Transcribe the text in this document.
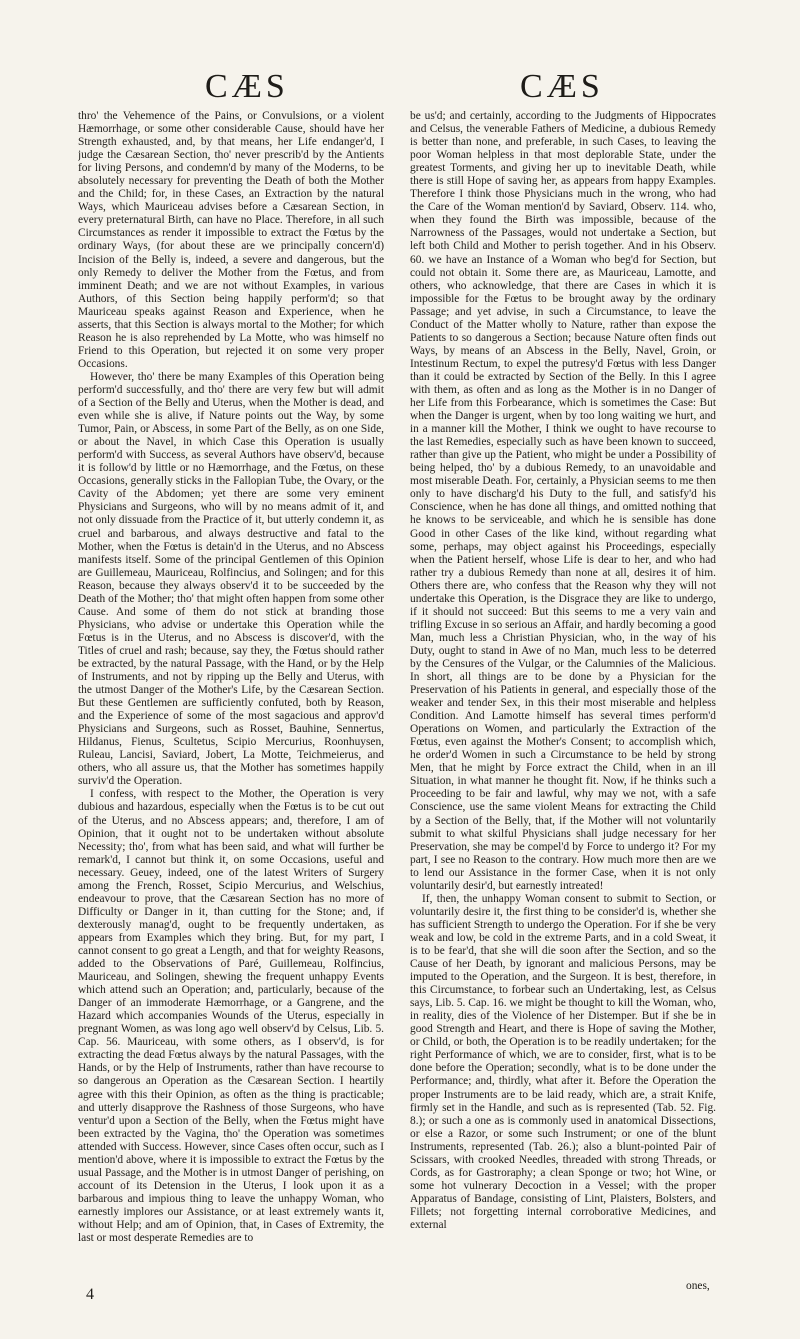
CÆS	CÆS

thro' the Vehemence of the Pains, or Convulsions, or a violent Hæmorrhage, or some other considerable Cause, should have her Strength exhausted, and, by that means, her Life endanger'd, I judge the Cæsarean Section, tho' never prescrib'd by the Antients for living Persons, and condemn'd by many of the Moderns, to be absolutely necessary for preventing the Death of both the Mother and the Child; for, in these Cases, an Extraction by the natural Ways, which Mauriceau advises before a Cæsarean Section, in every preternatural Birth, can have no Place. Therefore, in all such Circumstances as render it impossible to extract the Fœtus by the ordinary Ways, (for about these are we principally concern'd) Incision of the Belly is, indeed, a severe and dangerous, but the only Remedy to deliver the Mother from the Fœtus, and from imminent Death; and we are not without Examples, in various Authors, of this Section being happily perform'd; so that Mauriceau speaks against Reason and Experience, when he asserts, that this Section is always mortal to the Mother; for which Reason he is also reprehended by La Motte, who was himself no Friend to this Operation, but rejected it on some very proper Occasions.

However, tho' there be many Examples of this Operation being perform'd successfully, and tho' there are very few but will admit of a Section of the Belly and Uterus, when the Mother is dead, and even while she is alive, if Nature points out the Way, by some Tumor, Pain, or Abscess, in some Part of the Belly, as on one Side, or about the Navel, in which Case this Operation is usually perform'd with Success, as several Authors have observ'd, because it is follow'd by little or no Hæmorrhage, and the Fœtus, on these Occasions, generally sticks in the Fallopian Tube, the Ovary, or the Cavity of the Abdomen; yet there are some very eminent Physicians and Surgeons, who will by no means admit of it, and not only dissuade from the Practice of it, but utterly condemn it, as cruel and barbarous, and always destructive and fatal to the Mother, when the Fœtus is detain'd in the Uterus, and no Abscess manifests itself. Some of the principal Gentlemen of this Opinion are Guillemeau, Mauriceau, Rolfincius, and Solingen; and for this Reason, because they always observ'd it to be succeeded by the Death of the Mother; tho' that might often happen from some other Cause. And some of them do not stick at branding those Physicians, who advise or undertake this Operation while the Fœtus is in the Uterus, and no Abscess is discover'd, with the Titles of cruel and rash; because, say they, the Fœtus should rather be extracted, by the natural Passage, with the Hand, or by the Help of Instruments, and not by ripping up the Belly and Uterus, with the utmost Danger of the Mother's Life, by the Cæsarean Section. But these Gentlemen are sufficiently confuted, both by Reason, and the Experience of some of the most sagacious and approv'd Physicians and Surgeons, such as Rosset, Bauhine, Sennertus, Hildanus, Fienus, Scultetus, Scipio Mercurius, Roonhuysen, Ruleau, Lancisi, Saviard, Jobert, La Motte, Teichmeierus, and others, who all assure us, that the Mother has sometimes happily surviv'd the Operation.

I confess, with respect to the Mother, the Operation is very dubious and hazardous, especially when the Fœtus is to be cut out of the Uterus, and no Abscess appears; and, therefore, I am of Opinion, that it ought not to be undertaken without absolute Necessity; tho', from what has been said, and what will further be remark'd, I cannot but think it, on some Occasions, useful and necessary. Geuey, indeed, one of the latest Writers of Surgery among the French, Rosset, Scipio Mercurius, and Welschius, endeavour to prove, that the Cæsarean Section has no more of Difficulty or Danger in it, than cutting for the Stone; and, if dexterously manag'd, ought to be frequently undertaken, as appears from Examples which they bring. But, for my part, I cannot consent to go great a Length, and that for weighty Reasons, added to the Observations of Paré, Guillemeau, Rolfincius, Mauriceau, and Solingen, shewing the frequent unhappy Events which attend such an Operation; and, particularly, because of the Danger of an immoderate Hæmorrhage, or a Gangrene, and the Hazard which accompanies Wounds of the Uterus, especially in pregnant Women, as was long ago well observ'd by Celsus, Lib. 5. Cap. 56. Mauriceau, with some others, as I observ'd, is for extracting the dead Fœtus always by the natural Passages, with the Hands, or by the Help of Instruments, rather than have recourse to so dangerous an Operation as the Cæsarean Section. I heartily agree with this their Opinion, as often as the thing is practicable; and utterly disapprove the Rashness of those Surgeons, who have ventur'd upon a Section of the Belly, when the Fœtus might have been extracted by the Vagina, tho' the Operation was sometimes attended with Success. However, since Cases often occur, such as I mention'd above, where it is impossible to extract the Fœtus by the usual Passage, and the Mother is in utmost Danger of perishing, on account of its Detension in the Uterus, I look upon it as a barbarous and impious thing to leave the unhappy Woman, who earnestly implores our Assistance, or at least extremely wants it, without Help; and am of Opinion, that, in Cases of Extremity, the last or most desperate Remedies are to

be us'd; and certainly, according to the Judgments of Hippocrates and Celsus, the venerable Fathers of Medicine, a dubious Remedy is better than none, and preferable, in such Cases, to leaving the poor Woman helpless in that most deplorable State, under the greatest Torments, and giving her up to inevitable Death, while there is still Hope of saving her, as appears from happy Examples. Therefore I think those Physicians much in the wrong, who had the Care of the Woman mention'd by Saviard, Observ. 114. who, when they found the Birth was impossible, because of the Narrowness of the Passages, would not undertake a Section, but left both Child and Mother to perish together. And in his Observ. 60. we have an Instance of a Woman who beg'd for Section, but could not obtain it. Some there are, as Mauriceau, Lamotte, and others, who acknowledge, that there are Cases in which it is impossible for the Fœtus to be brought away by the ordinary Passage; and yet advise, in such a Circumstance, to leave the Conduct of the Matter wholly to Nature, rather than expose the Patients to so dangerous a Section; because Nature often finds out Ways, by means of an Abscess in the Belly, Navel, Groin, or Intestinum Rectum, to expel the putresy'd Fœtus with less Danger than it could be extracted by Section of the Belly. In this I agree with them, as often and as long as the Mother is in no Danger of her Life from this Forbearance, which is sometimes the Case: But when the Danger is urgent, when by too long waiting we hurt, and in a manner kill the Mother, I think we ought to have recourse to the last Remedies, especially such as have been known to succeed, rather than give up the Patient, who might be under a Possibility of being helped, tho' by a dubious Remedy, to an unavoidable and most miserable Death. For, certainly, a Physician seems to me then only to have discharg'd his Duty to the full, and satisfy'd his Conscience, when he has done all things, and omitted nothing that he knows to be serviceable, and which he is sensible has done Good in other Cases of the like kind, without regarding what some, perhaps, may object against his Proceedings, especially when the Patient herself, whose Life is dear to her, and who had rather try a dubious Remedy than none at all, desires it of him. Others there are, who confess that the Reason why they will not undertake this Operation, is the Disgrace they are like to undergo, if it should not succeed: But this seems to me a very vain and trifling Excuse in so serious an Affair, and hardly becoming a good Man, much less a Christian Physician, who, in the way of his Duty, ought to stand in Awe of no Man, much less to be deterred by the Censures of the Vulgar, or the Calumnies of the Malicious. In short, all things are to be done by a Physician for the Preservation of his Patients in general, and especially those of the weaker and tender Sex, in this their most miserable and helpless Condition. And Lamotte himself has several times perform'd Operations on Women, and particularly the Extraction of the Fœtus, even against the Mother's Consent; to accomplish which, he order'd Women in such a Circumstance to be held by strong Men, that he might by Force extract the Child, when in an ill Situation, in what manner he thought fit. Now, if he thinks such a Proceeding to be fair and lawful, why may we not, with a safe Conscience, use the same violent Means for extracting the Child by a Section of the Belly, that, if the Mother will not voluntarily submit to what skilful Physicians shall judge necessary for her Preservation, she may be compel'd by Force to undergo it? For my part, I see no Reason to the contrary. How much more then are we to lend our Assistance in the former Case, when it is not only voluntarily desir'd, but earnestly intreated!

If, then, the unhappy Woman consent to submit to Section, or voluntarily desire it, the first thing to be consider'd is, whether she has sufficient Strength to undergo the Operation. For if she be very weak and low, be cold in the extreme Parts, and in a cold Sweat, it is to be fear'd, that she will die soon after the Section, and so the Cause of her Death, by ignorant and malicious Persons, may be imputed to the Operation, and the Surgeon. It is best, therefore, in this Circumstance, to forbear such an Undertaking, lest, as Celsus says, Lib. 5. Cap. 16. we might be thought to kill the Woman, who, in reality, dies of the Violence of her Distemper. But if she be in good Strength and Heart, and there is Hope of saving the Mother, or Child, or both, the Operation is to be readily undertaken; for the right Performance of which, we are to consider, first, what is to be done before the Operation; secondly, what is to be done under the Performance; and, thirdly, what after it. Before the Operation the proper Instruments are to be laid ready, which are, a strait Knife, firmly set in the Handle, and such as is represented (Tab. 52. Fig. 8.); or such a one as is commonly used in anatomical Dissections, or else a Razor, or some such Instrument; or one of the blunt Instruments, represented (Tab. 26.); also a blunt-pointed Pair of Scissars, with crooked Needles, threaded with strong Threads, or Cords, as for Gastroraphy; a clean Sponge or two; hot Wine, or some hot vulnerary Decoction in a Vessel; with the proper Apparatus of Bandage, consisting of Lint, Plaisters, Bolsters, and Fillets; not forgetting internal corroborative Medicines, and external

4	ones,
